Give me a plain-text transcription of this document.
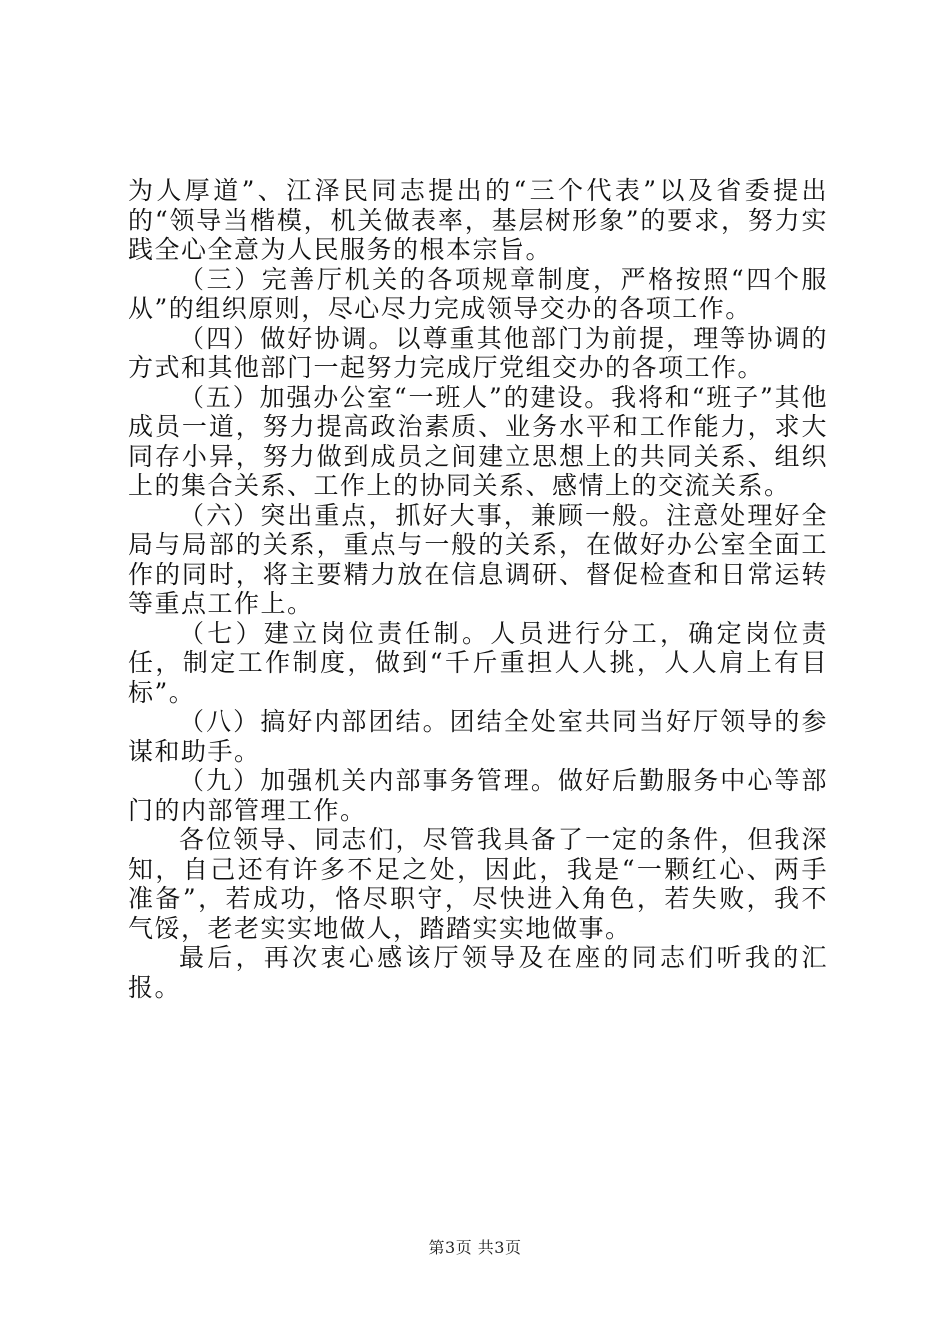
为人厚道”、江泽民同志提出的“三个代表”以及省委提出的“领导当楷模，机关做表率，基层树形象”的要求，努力实践全心全意为人民服务的根本宗旨。

（三）完善厅机关的各项规章制度，严格按照“四个服从”的组织原则，尽心尽力完成领导交办的各项工作。

（四）做好协调。以尊重其他部门为前提，理等协调的方式和其他部门一起努力完成厅党组交办的各项工作。

（五）加强办公室“一班人”的建设。我将和“班子”其他成员一道，努力提高政治素质、业务水平和工作能力，求大同存小异，努力做到成员之间建立思想上的共同关系、组织上的集合关系、工作上的协同关系、感情上的交流关系。

（六）突出重点，抓好大事，兼顾一般。注意处理好全局与局部的关系，重点与一般的关系，在做好办公室全面工作的同时，将主要精力放在信息调研、督促检查和日常运转等重点工作上。

（七）建立岗位责任制。人员进行分工，确定岗位责任，制定工作制度，做到“千斤重担人人挑，人人肩上有目标”。

（八）搞好内部团结。团结全处室共同当好厅领导的参谋和助手。

（九）加强机关内部事务管理。做好后勤服务中心等部门的内部管理工作。

各位领导、同志们，尽管我具备了一定的条件，但我深知，自己还有许多不足之处，因此，我是“一颗红心、两手准备”，若成功，恪尽职守，尽快进入角色，若失败，我不气馁，老老实实地做人，踏踏实实地做事。

最后，再次衷心感该厅领导及在座的同志们听我的汇报。

第3页 共3页
